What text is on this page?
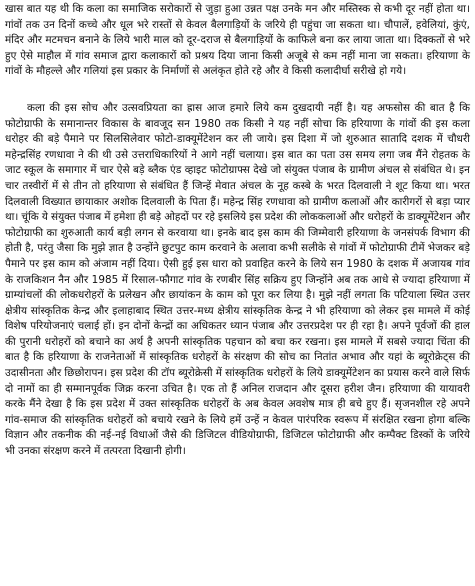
खास बात यह थी कि कला का समाजिक सरोकारों से जुड़ा हुआ उन्नत पक्ष उनके मन और मस्तिस्क से कभी दूर नहीं होता था। गांवों तक उन दिनों कच्चे और धूल भरे रास्तों से केवल बैलगाड़ियों के जरिये ही पहुंचा जा सकता था। चौपालें, हवेलियां, कुंएं, मंदिर और मटमचन बनाने के लिये भारी माल को दूर-दराज से बैलगाड़ियों के काफिले बना कर लाया जाता था। दिक्कतों से भरे हुए ऐसे माहौल में गांव समाज द्वारा कलाकारों को प्रश्रय दिया जाना किसी अजूबे से कम नहीं माना जा सकता। हरियाणा के गांवों के मौहल्ले और गलियां इस प्रकार के निर्माणों से अलंकृत होते रहे और वे किसी कलादीर्घा सरीखे हो गये।

कला की इस सोच और उत्सवप्रियता का ह्रास आज हमारे लिये कम दुखदायी नहीं है। यह अफसोस की बात है कि फोटोग्राफी के समानान्तर विकास के बावजूद सन 1980 तक किसी ने यह नहीं सोचा कि हरियाणा के गांवों की इस कला धरोहर की बड़े पैमाने पर सिलसिलेवार फोटो-डाक्यूमेंटेशन कर ली जाये। इस दिशा में जो शुरुआत सातादि दशक में चौधरी महेन्द्रसिंह रणधावा ने की थी उसे उत्तराधिकारियों ने आगे नहीं चलाया। इस बात का पता उस समय लगा जब मैंने रोहतक के जाट स्कूल के समागार में चार ऐसे बड़े ब्लैक एंड व्हाइट फोटोग्राफ्स देखे जो संयुक्त पंजाब के ग्रामीण अंचल से संबंधित थे। इन चार तस्वीरों में से तीन तो हरियाणा से संबंधित हैं जिन्हें मेवात अंचल के नूह कस्बे के भरत दिलवाली ने शूट किया था। भरत दिलवाली विख्यात छायाकार अशोक दिलवाली के पिता हैं। महेन्द्र सिंह रणधावा को ग्रामीण कलाओं और कारीगरों से बड़ा प्यार था। चूंकि ये संयुक्त पंजाब में हमेशा ही बड़े ओहदों पर रहे इसलिये इस प्रदेश की लोककलाओं और धरोहरों के डाक्यूमेंटेशन और फोटोग्राफी का शुरुआती कार्य बड़ी लगन से करवाया था। इनके बाद इस काम की जिम्मेवारी हरियाणा के जनसंपर्क विभाग की होती है, परंतु जैसा कि मुझे ज्ञात है उन्होंने छुटपुट काम करवाने के अलावा कभी सलीके से गांवों में फोटोग्राफी टीमें भेजकर बड़े पैमाने पर इस काम को अंजाम नहीं दिया। ऐसी हुई इस धारा को प्रवाहित करने के लिये सन 1980 के दशक में अजायब गांव के राजकिशन नैन और 1985 में रिसाल-फौगाट गांव के रणबीर सिंह सक्रिय हुए जिन्होंने अब तक आधे से ज्यादा हरियाणा में ग्राम्यांचलों की लोकधरोहरों के प्रलेखन और छायांकन के काम को पूरा कर लिया है। मुझे नहीं लगता कि पटियाला स्थित उत्तर क्षेत्रीय सांस्कृतिक केन्द्र और इलाहाबाद स्थित उत्तर-मध्य क्षेत्रीय सांस्कृतिक केन्द्र ने भी हरियाणा को लेकर इस मामले में कोई विशेष परियोजनाएं चलाई हों। इन दोनों केन्द्रों का अधिकतर ध्यान पंजाब और उत्तरप्रदेश पर ही रहा है। अपने पूर्वजों की हाल की पुरानी धरोहरों को बचाने का अर्थ है अपनी सांस्कृतिक पहचान को बचा कर रखना। इस मामले में सबसे ज्यादा चिंता की बात है कि हरियाणा के राजनेताओं में सांस्कृतिक धरोहरों के संरक्षण की सोच का नितांत अभाव और यहां के ब्यूरोक्रेट्स की उदासीनता और छिछोरापन। इस प्रदेश की टॉप ब्यूरोक्रेसी में सांस्कृतिक धरोहरों के लिये डाक्यूमेंटेशन का प्रयास करने वाले सिर्फ दो नामों का ही सम्मानपूर्वक जिक्र करना उचित है। एक तो हैं अनिल राजदान और दूसरा हरीश जैन। हरियाणा की यायावरी करके मैंने देखा है कि इस प्रदेश में उक्त सांस्कृतिक धरोहरों के अब केवल अवशेष मात्र ही बचे हुए हैं। सृजनशील रहे अपने गांव-समाज की सांस्कृतिक धरोहरों को बचाये रखने के लिये हमें उन्हें न केवल पारंपरिक स्वरूप में संरक्षित रखना होगा बल्कि विज्ञान और तकनीक की नई-नई विधाओं जैसे की डिजिटल वीडियोग्राफी, डिजिटल फोटोग्राफी और कम्पैक्ट डिस्कों के जरिये भी उनका संरक्षण करने में तत्परता दिखानी होगी।
